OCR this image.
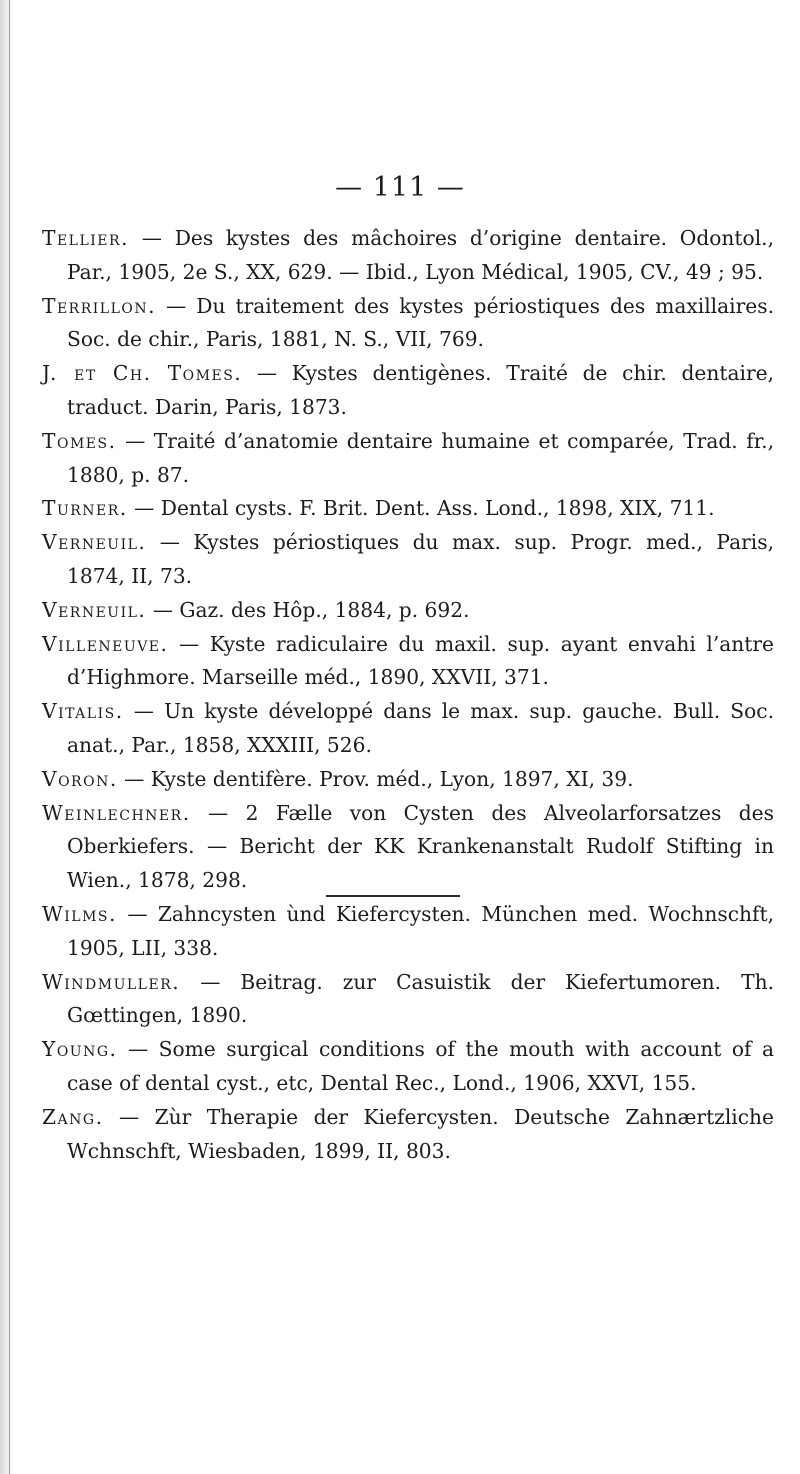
— 111 —

Tellier. — Des kystes des mâchoires d’origine dentaire. Odontol., Par., 1905, 2e S., XX, 629. — Ibid., Lyon Médical, 1905, CV., 49 ; 95.

Terrillon. — Du traitement des kystes périostiques des maxillaires. Soc. de chir., Paris, 1881, N. S., VII, 769.

J. et Ch. Tomes. — Kystes dentigènes. Traité de chir. dentaire, traduct. Darin, Paris, 1873.

Tomes. — Traité d’anatomie dentaire humaine et comparée, Trad. fr., 1880, p. 87.

Turner. — Dental cysts. F. Brit. Dent. Ass. Lond., 1898, XIX, 711.

Verneuil. — Kystes périostiques du max. sup. Progr. med., Paris, 1874, II, 73.

Verneuil. — Gaz. des Hôp., 1884, p. 692.

Villeneuve. — Kyste radiculaire du maxil. sup. ayant envahi l’antre d’Highmore. Marseille méd., 1890, XXVII, 371.

Vitalis. — Un kyste développé dans le max. sup. gauche. Bull. Soc. anat., Par., 1858, XXXIII, 526.

Voron. — Kyste dentifère. Prov. méd., Lyon, 1897, XI, 39.

Weinlechner. — 2 Fælle von Cysten des Alveolarforsatzes des Oberkiefers. — Bericht der KK Krankenanstalt Rudolf Stifting in Wien., 1878, 298.

Wilms. — Zahncysten ùnd Kiefercysten. München med. Wochnschft, 1905, LII, 338.

Windmuller. — Beitrag. zur Casuistik der Kiefertumoren. Th. Gœttingen, 1890.

Young. — Some surgical conditions of the mouth with account of a case of dental cyst., etc, Dental Rec., Lond., 1906, XXVI, 155.

Zang. — Zùr Therapie der Kiefercysten. Deutsche Zahnærtzliche Wchnschft, Wiesbaden, 1899, II, 803.
